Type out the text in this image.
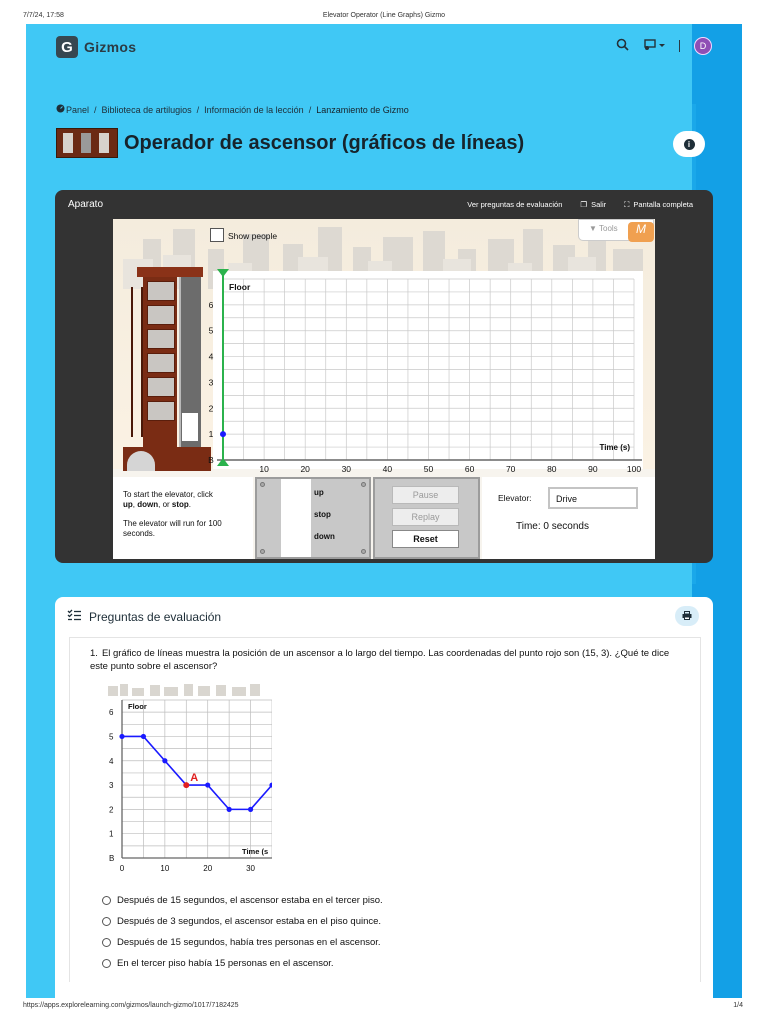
7/7/24, 17:58	Elevator Operator (Line Graphs) Gizmo
G Gizmos	D
Panel / Biblioteca de artilugios / Información de la lección / Lanzamiento de Gizmo
Operador de ascensor (gráficos de líneas)	i
Aparato	Ver preguntas de evaluación ❐ Salir ⛶ Pantalla completa
Show people
▼ Tools	M
Floor
Time (s)
B
1
2
3
4
5
6
10	20	30	40	50	60	70	80	90	100
To start the elevator, click
up, down, or stop.
The elevator will run for 100 seconds.
up
stop
down
Pause
Replay
Reset
Elevator:	Drive
Time: 0 seconds
Preguntas de evaluación
1. El gráfico de líneas muestra la posición de un ascensor a lo largo del tiempo. Las coordenadas del punto rojo son (15, 3). ¿Qué te dice este punto sobre el ascensor?
Floor
Time (s
B
1
2
3
4
5
6
0	10	20	30
A
Después de 15 segundos, el ascensor estaba en el tercer piso.
Después de 3 segundos, el ascensor estaba en el piso quince.
Después de 15 segundos, había tres personas en el ascensor.
En el tercer piso había 15 personas en el ascensor.
https://apps.explorelearning.com/gizmos/launch-gizmo/1017/7182425	1/4
